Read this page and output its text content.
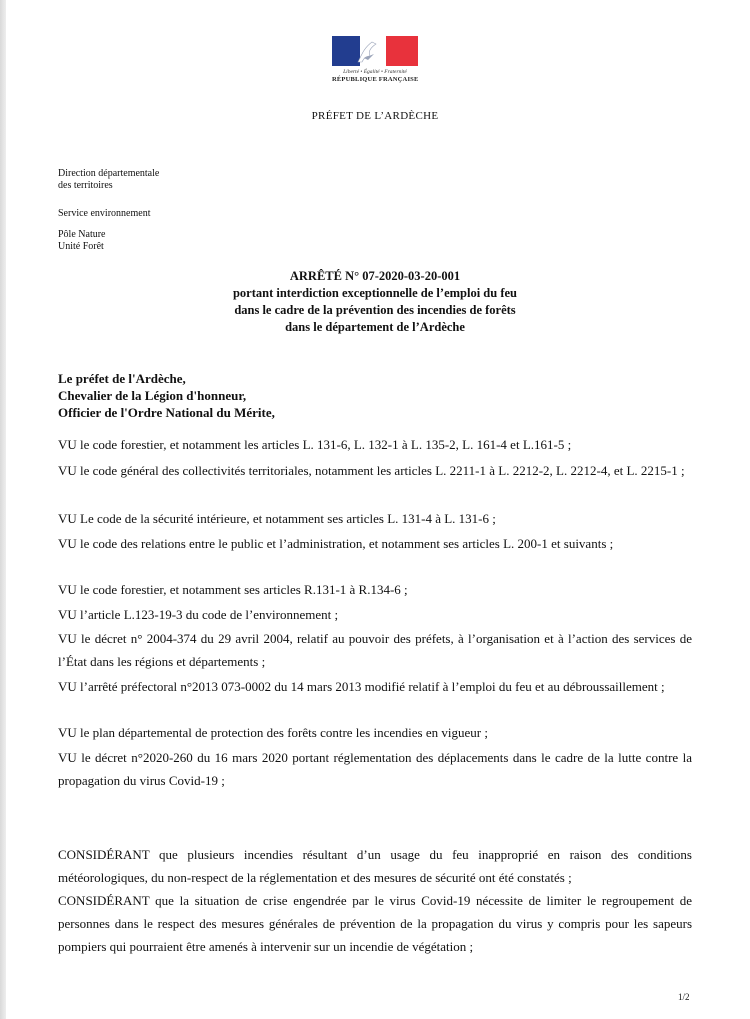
Liberté • Égalité • Fraternité
RÉPUBLIQUE FRANÇAISE
PRÉFET DE L’ARDÈCHE
Direction départementale
des territoires
Service environnement
Pôle Nature
Unité Forêt
ARRÊTÉ N° 07-2020-03-20-001
portant interdiction exceptionnelle de l’emploi du feu
dans le cadre de la prévention des incendies de forêts
dans le département de l’Ardèche
Le préfet de l'Ardèche,
Chevalier de la Légion d'honneur,
Officier de l'Ordre National du Mérite,

VU le code forestier, et notamment les articles L. 131-6, L. 132-1 à L. 135-2, L. 161-4 et L.161-5 ;

VU le code général des collectivités territoriales, notamment les articles L. 2211-1 à L. 2212-2, L. 2212-4, et L. 2215-1 ;

VU Le code de la sécurité intérieure, et notamment ses articles L. 131-4 à L. 131-6 ;

VU le code des relations entre le public et l’administration, et notamment ses articles L. 200-1 et suivants ;

VU le code forestier, et notamment ses articles R.131-1 à R.134-6 ;

VU l’article L.123-19-3 du code de l’environnement ;

VU le décret n° 2004-374 du 29 avril 2004, relatif au pouvoir des préfets, à l’organisation et à l’action des services de l’État dans les régions et départements ;

VU l’arrêté préfectoral n°2013 073-0002 du 14 mars 2013 modifié relatif à l’emploi du feu et au débroussaillement ;

VU le plan départemental de protection des forêts contre les incendies en vigueur ;

VU le décret n°2020-260 du 16 mars 2020 portant réglementation des déplacements dans le cadre de la lutte contre la propagation du virus Covid-19 ;

CONSIDÉRANT que plusieurs incendies résultant d’un usage du feu inapproprié en raison des conditions météorologiques, du non-respect de la réglementation et des mesures de sécurité ont été constatés ;

CONSIDÉRANT que la situation de crise engendrée par le virus Covid-19 nécessite de limiter le regroupement de personnes dans le respect des mesures générales de prévention de la propagation du virus y compris pour les sapeurs pompiers qui pourraient être amenés à intervenir sur un incendie de végétation ;

1/2
